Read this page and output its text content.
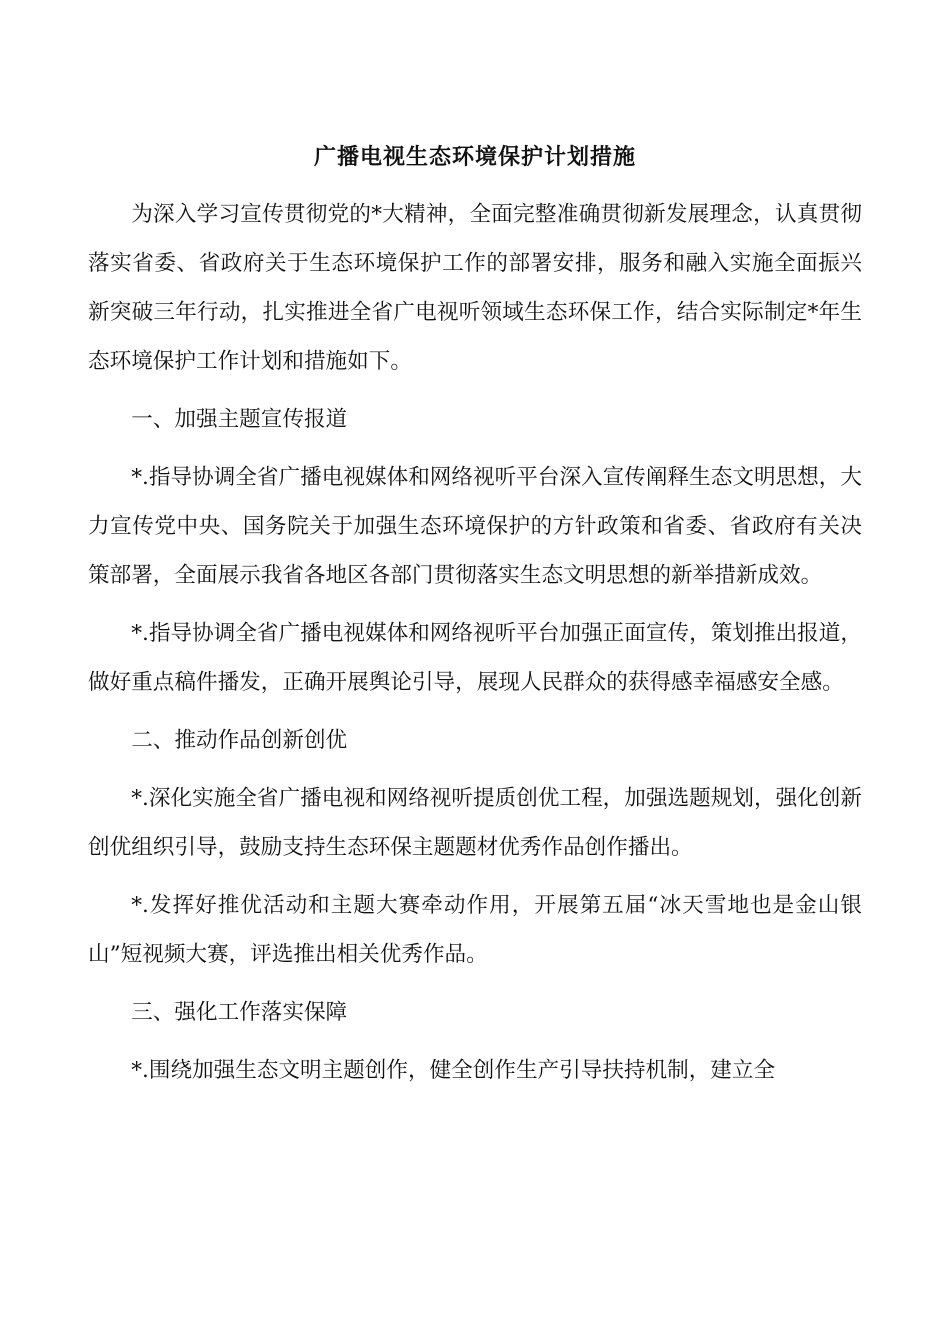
广播电视生态环境保护计划措施

为深入学习宣传贯彻党的*大精神，全面完整准确贯彻新发展理念，认真贯彻落实省委、省政府关于生态环境保护工作的部署安排，服务和融入实施全面振兴新突破三年行动，扎实推进全省广电视听领域生态环保工作，结合实际制定*年生态环境保护工作计划和措施如下。

一、加强主题宣传报道

*.指导协调全省广播电视媒体和网络视听平台深入宣传阐释生态文明思想，大力宣传党中央、国务院关于加强生态环境保护的方针政策和省委、省政府有关决策部署，全面展示我省各地区各部门贯彻落实生态文明思想的新举措新成效。

*.指导协调全省广播电视媒体和网络视听平台加强正面宣传，策划推出报道，做好重点稿件播发，正确开展舆论引导，展现人民群众的获得感幸福感安全感。

二、推动作品创新创优

*.深化实施全省广播电视和网络视听提质创优工程，加强选题规划，强化创新创优组织引导，鼓励支持生态环保主题题材优秀作品创作播出。

*.发挥好推优活动和主题大赛牵动作用，开展第五届“冰天雪地也是金山银山”短视频大赛，评选推出相关优秀作品。

三、强化工作落实保障

*.围绕加强生态文明主题创作，健全创作生产引导扶持机制，建立全
